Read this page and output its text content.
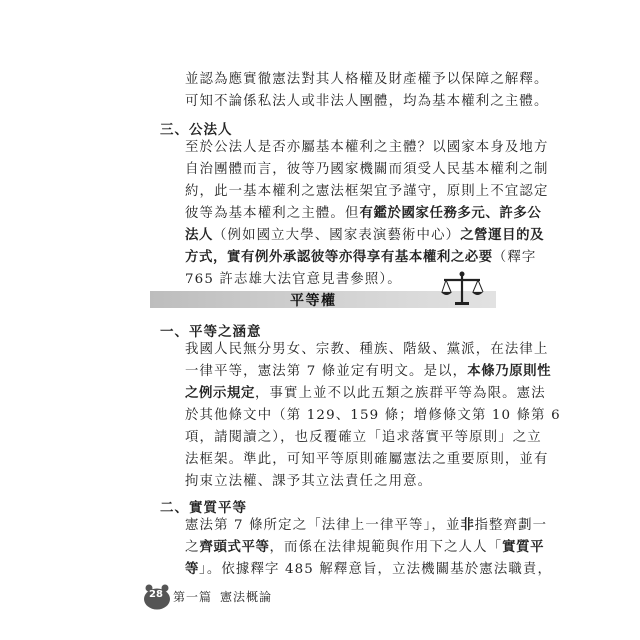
並認為應實徹憲法對其人格權及財產權予以保障之解釋。
可知不論係私法人或非法人團體，均為基本權利之主體。
三、公法人
至於公法人是否亦屬基本權利之主體？以國家本身及地方
自治團體而言，彼等乃國家機關而須受人民基本權利之制
約，此一基本權利之憲法框架宜予謹守，原則上不宜認定
彼等為基本權利之主體。但有鑑於國家任務多元、許多公
法人（例如國立大學、國家表演藝術中心）之營運目的及
方式，實有例外承認彼等亦得享有基本權利之必要（釋字
765 許志雄大法官意見書參照）。
平等權
一、平等之涵意
我國人民無分男女、宗教、種族、階級、黨派，在法律上
一律平等，憲法第 7 條並定有明文。是以，本條乃原則性
之例示規定，事實上並不以此五類之族群平等為限。憲法
於其他條文中（第 129、159 條；增修條文第 10 條第 6
項，請閱讀之），也反覆確立「追求落實平等原則」之立
法框架。準此，可知平等原則確屬憲法之重要原則，並有
拘束立法權、課予其立法責任之用意。
二、實質平等
憲法第 7 條所定之「法律上一律平等」，並非指整齊劃一
之齊頭式平等，而係在法律規範與作用下之人人「實質平
等」。依據釋字 485 解釋意旨，立法機關基於憲法職責，
28 第一篇 憲法概論
